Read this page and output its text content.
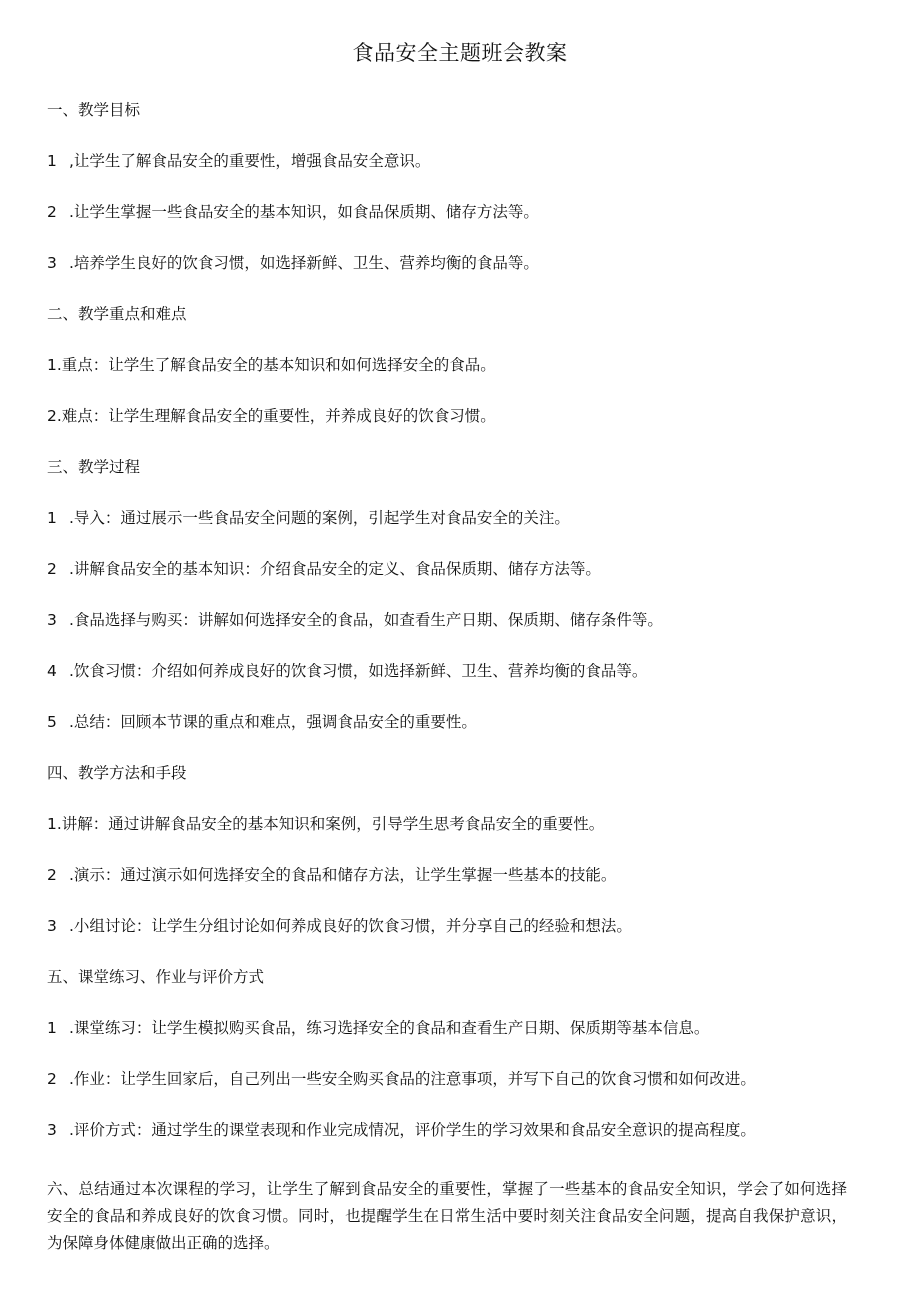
食品安全主题班会教案

一、教学目标

1 ,让学生了解食品安全的重要性，增强食品安全意识。

2 .让学生掌握一些食品安全的基本知识，如食品保质期、储存方法等。

3 .培养学生良好的饮食习惯，如选择新鲜、卫生、营养均衡的食品等。

二、教学重点和难点

1.重点：让学生了解食品安全的基本知识和如何选择安全的食品。

2.难点：让学生理解食品安全的重要性，并养成良好的饮食习惯。

三、教学过程

1 .导入：通过展示一些食品安全问题的案例，引起学生对食品安全的关注。

2 .讲解食品安全的基本知识：介绍食品安全的定义、食品保质期、储存方法等。

3 .食品选择与购买：讲解如何选择安全的食品，如查看生产日期、保质期、储存条件等。

4 .饮食习惯：介绍如何养成良好的饮食习惯，如选择新鲜、卫生、营养均衡的食品等。

5 .总结：回顾本节课的重点和难点，强调食品安全的重要性。

四、教学方法和手段

1.讲解：通过讲解食品安全的基本知识和案例，引导学生思考食品安全的重要性。

2 .演示：通过演示如何选择安全的食品和储存方法，让学生掌握一些基本的技能。

3 .小组讨论：让学生分组讨论如何养成良好的饮食习惯，并分享自己的经验和想法。

五、课堂练习、作业与评价方式

1 .课堂练习：让学生模拟购买食品，练习选择安全的食品和查看生产日期、保质期等基本信息。

2 .作业：让学生回家后，自己列出一些安全购买食品的注意事项，并写下自己的饮食习惯和如何改进。

3 .评价方式：通过学生的课堂表现和作业完成情况，评价学生的学习效果和食品安全意识的提高程度。

六、总结通过本次课程的学习，让学生了解到食品安全的重要性，掌握了一些基本的食品安全知识，学会了如何选择安全的食品和养成良好的饮食习惯。同时，也提醒学生在日常生活中要时刻关注食品安全问题，提高自我保护意识，为保障身体健康做出正确的选择。
